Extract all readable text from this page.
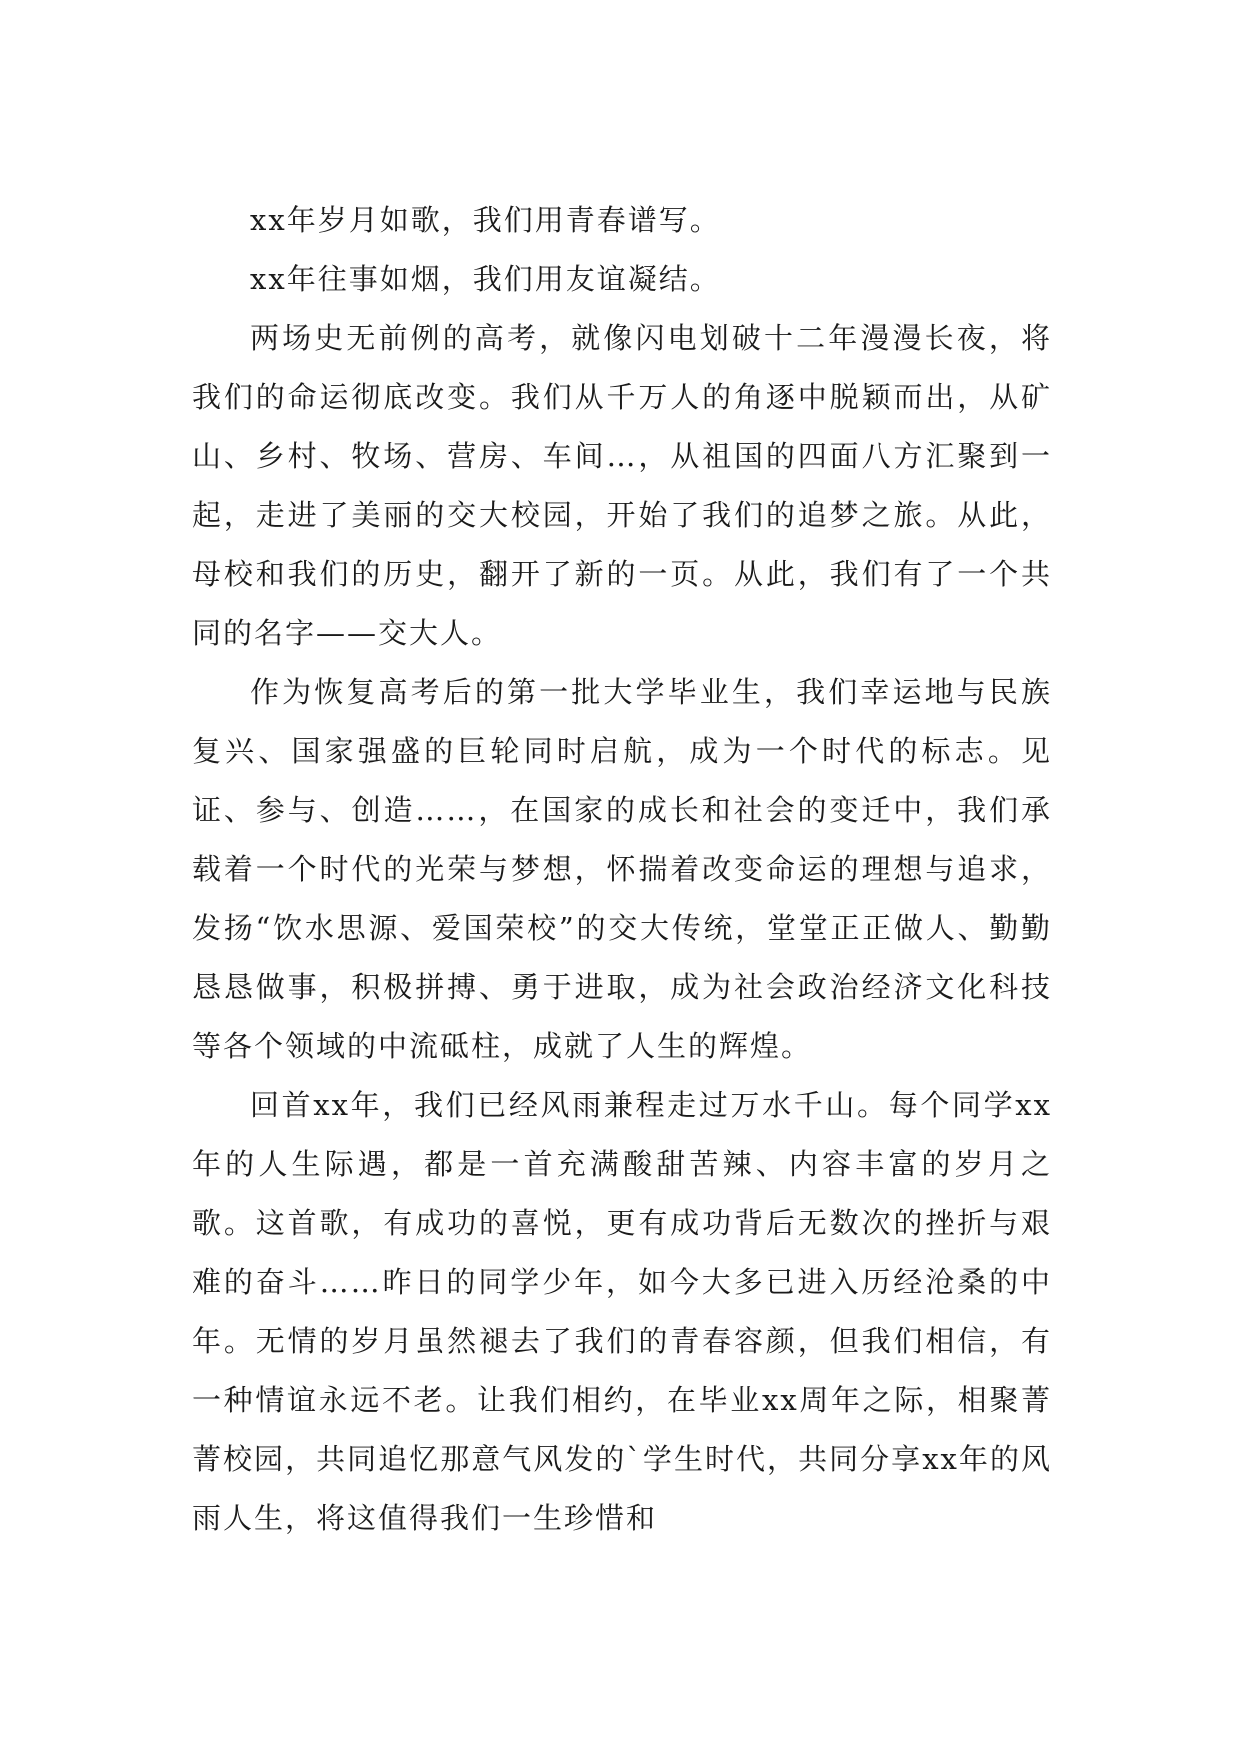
xx年岁月如歌，我们用青春谱写。

xx年往事如烟，我们用友谊凝结。

两场史无前例的高考，就像闪电划破十二年漫漫长夜，将我们的命运彻底改变。我们从千万人的角逐中脱颖而出，从矿山、乡村、牧场、营房、车间…，从祖国的四面八方汇聚到一起，走进了美丽的交大校园，开始了我们的追梦之旅。从此，母校和我们的历史，翻开了新的一页。从此，我们有了一个共同的名字——交大人。

作为恢复高考后的第一批大学毕业生，我们幸运地与民族复兴、国家强盛的巨轮同时启航，成为一个时代的标志。见证、参与、创造……，在国家的成长和社会的变迁中，我们承载着一个时代的光荣与梦想，怀揣着改变命运的理想与追求，发扬“饮水思源、爱国荣校”的交大传统，堂堂正正做人、勤勤恳恳做事，积极拼搏、勇于进取，成为社会政治经济文化科技等各个领域的中流砥柱，成就了人生的辉煌。

回首xx年，我们已经风雨兼程走过万水千山。每个同学xx年的人生际遇，都是一首充满酸甜苦辣、内容丰富的岁月之歌。这首歌，有成功的喜悦，更有成功背后无数次的挫折与艰难的奋斗……昨日的同学少年，如今大多已进入历经沧桑的中年。无情的岁月虽然褪去了我们的青春容颜，但我们相信，有一种情谊永远不老。让我们相约，在毕业xx周年之际，相聚菁菁校园，共同追忆那意气风发的`学生时代，共同分享xx年的风雨人生，将这值得我们一生珍惜和
